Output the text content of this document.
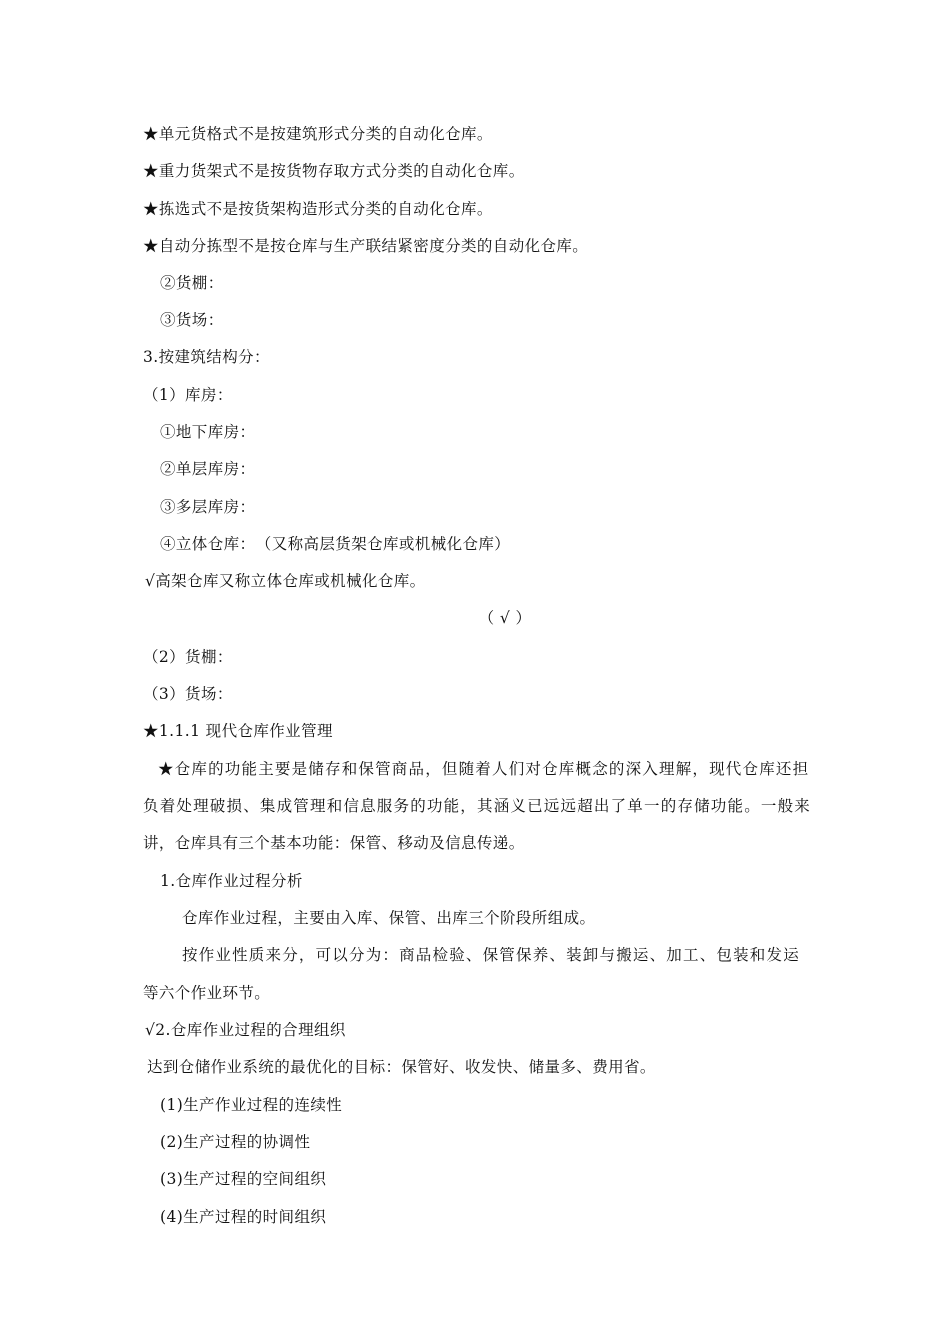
★单元货格式不是按建筑形式分类的自动化仓库。
★重力货架式不是按货物存取方式分类的自动化仓库。
★拣选式不是按货架构造形式分类的自动化仓库。
★自动分拣型不是按仓库与生产联结紧密度分类的自动化仓库。
②货棚：
③货场：
3.按建筑结构分：
（1）库房：
①地下库房：
②单层库房：
③多层库房：
④立体仓库：　（又称高层货架仓库或机械化仓库）
√高架仓库又称立体仓库或机械化仓库。
（ √ ）
（2）货棚：
（3）货场：
★1.1.1 现代仓库作业管理
★仓库的功能主要是储存和保管商品，但随着人们对仓库概念的深入理解，现代仓库还担
负着处理破损、集成管理和信息服务的功能，其涵义已远远超出了单一的存储功能。一般来
讲，仓库具有三个基本功能：保管、移动及信息传递。
1.仓库作业过程分析
仓库作业过程，主要由入库、保管、出库三个阶段所组成。
按作业性质来分，可以分为：商品检验、保管保养、装卸与搬运、加工、包装和发运
等六个作业环节。
√2.仓库作业过程的合理组织
达到仓储作业系统的最优化的目标：保管好、收发快、储量多、费用省。
(1)生产作业过程的连续性
(2)生产过程的协调性
(3)生产过程的空间组织
(4)生产过程的时间组织
